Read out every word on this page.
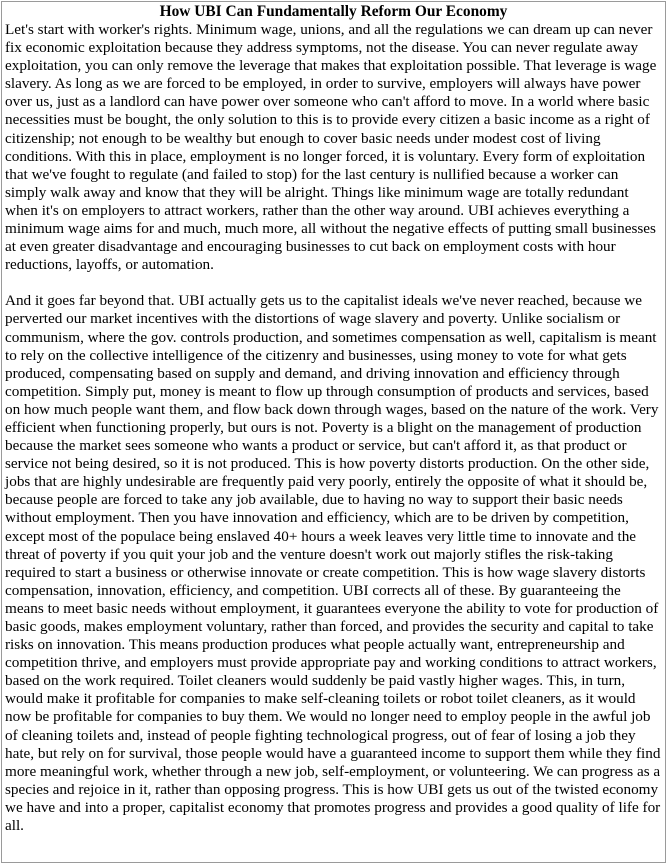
How UBI Can Fundamentally Reform Our Economy

Let's start with worker's rights. Minimum wage, unions, and all the regulations we can dream up can never fix economic exploitation because they address symptoms, not the disease. You can never regulate away exploitation, you can only remove the leverage that makes that exploitation possible. That leverage is wage slavery. As long as we are forced to be employed, in order to survive, employers will always have power over us, just as a landlord can have power over someone who can't afford to move. In a world where basic necessities must be bought, the only solution to this is to provide every citizen a basic income as a right of citizenship; not enough to be wealthy but enough to cover basic needs under modest cost of living conditions. With this in place, employment is no longer forced, it is voluntary. Every form of exploitation that we've fought to regulate (and failed to stop) for the last century is nullified because a worker can simply walk away and know that they will be alright. Things like minimum wage are totally redundant when it's on employers to attract workers, rather than the other way around. UBI achieves everything a minimum wage aims for and much, much more, all without the negative effects of putting small businesses at even greater disadvantage and encouraging businesses to cut back on employment costs with hour reductions, layoffs, or automation.

And it goes far beyond that. UBI actually gets us to the capitalist ideals we've never reached, because we perverted our market incentives with the distortions of wage slavery and poverty. Unlike socialism or communism, where the gov. controls production, and sometimes compensation as well, capitalism is meant to rely on the collective intelligence of the citizenry and businesses, using money to vote for what gets produced, compensating based on supply and demand, and driving innovation and efficiency through competition. Simply put, money is meant to flow up through consumption of products and services, based on how much people want them, and flow back down through wages, based on the nature of the work. Very efficient when functioning properly, but ours is not. Poverty is a blight on the management of production because the market sees someone who wants a product or service, but can't afford it, as that product or service not being desired, so it is not produced. This is how poverty distorts production. On the other side, jobs that are highly undesirable are frequently paid very poorly, entirely the opposite of what it should be, because people are forced to take any job available, due to having no way to support their basic needs without employment. Then you have innovation and efficiency, which are to be driven by competition, except most of the populace being enslaved 40+ hours a week leaves very little time to innovate and the threat of poverty if you quit your job and the venture doesn't work out majorly stifles the risk-taking required to start a business or otherwise innovate or create competition. This is how wage slavery distorts compensation, innovation, efficiency, and competition. UBI corrects all of these. By guaranteeing the means to meet basic needs without employment, it guarantees everyone the ability to vote for production of basic goods, makes employment voluntary, rather than forced, and provides the security and capital to take risks on innovation. This means production produces what people actually want, entrepreneurship and competition thrive, and employers must provide appropriate pay and working conditions to attract workers, based on the work required. Toilet cleaners would suddenly be paid vastly higher wages. This, in turn, would make it profitable for companies to make self-cleaning toilets or robot toilet cleaners, as it would now be profitable for companies to buy them. We would no longer need to employ people in the awful job of cleaning toilets and, instead of people fighting technological progress, out of fear of losing a job they hate, but rely on for survival, those people would have a guaranteed income to support them while they find more meaningful work, whether through a new job, self-employment, or volunteering. We can progress as a species and rejoice in it, rather than opposing progress. This is how UBI gets us out of the twisted economy we have and into a proper, capitalist economy that promotes progress and provides a good quality of life for all.
